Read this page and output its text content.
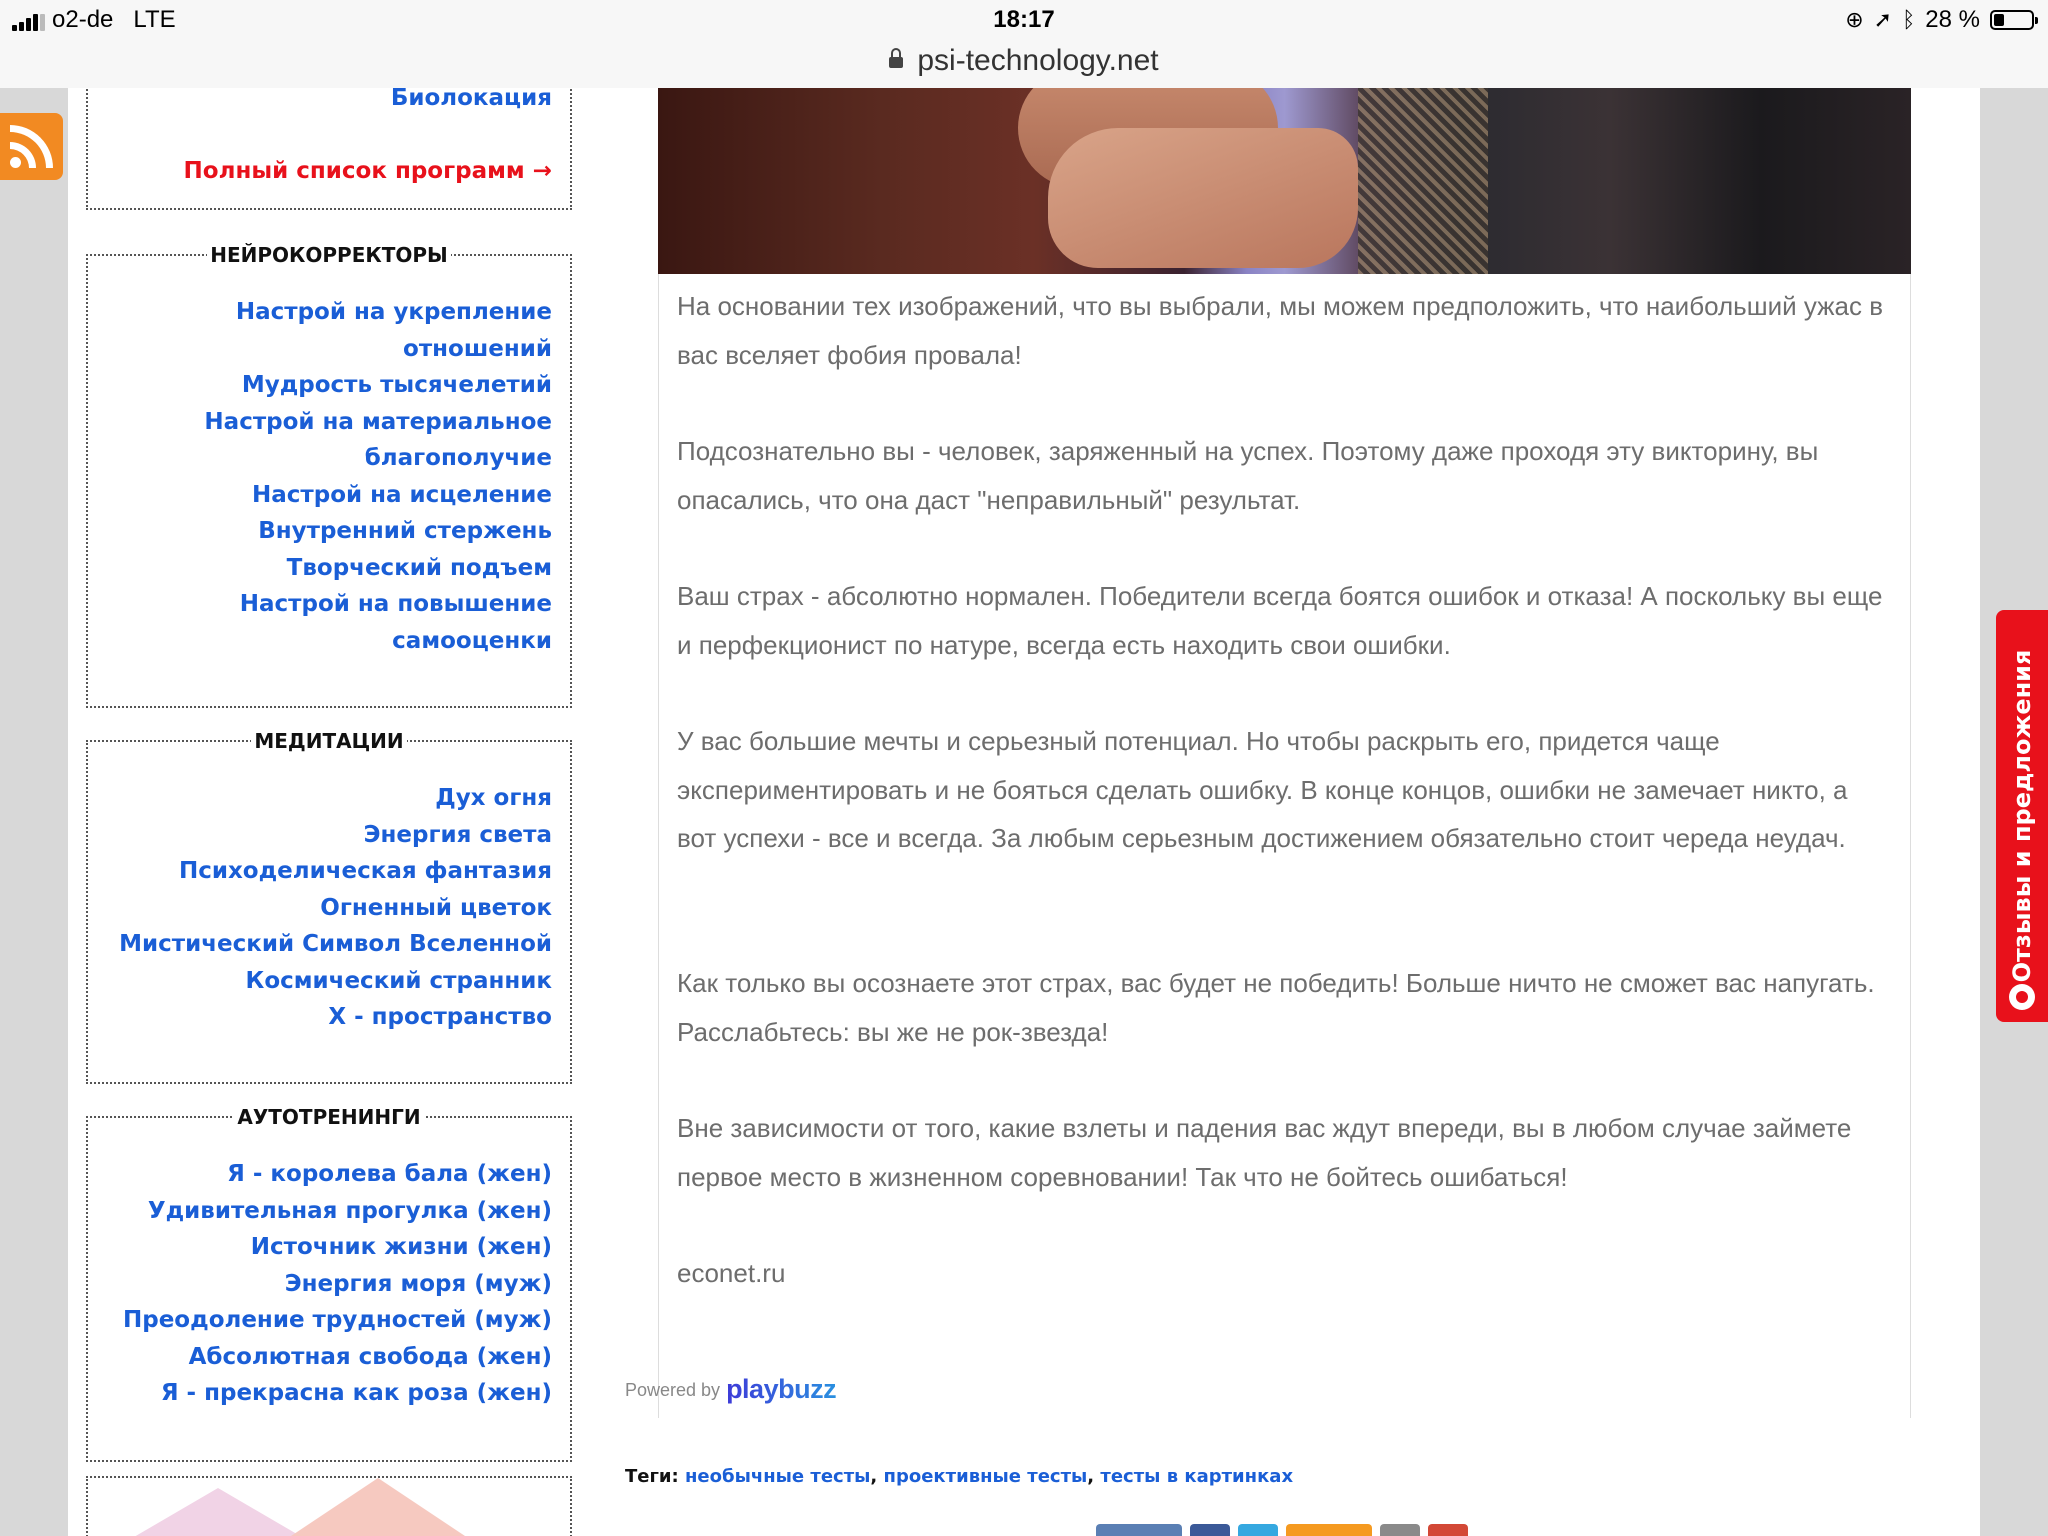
o2-de LTE	18:17	⊕ ➚ ᛒ 28 %
psi-technology.net
Биолокация
Полный список программ →
НЕЙРОКОРРЕКТОРЫ
Настрой на укрепление
отношений
Мудрость тысячелетий
Настрой на материальное
благополучие
Настрой на исцеление
Внутренний стержень
Творческий подъем
Настрой на повышение
самооценки
МЕДИТАЦИИ
Дух огня
Энергия света
Психоделическая фантазия
Огненный цветок
Мистический Символ Вселенной
Космический странник
X - пространство
АУТОТРЕНИНГИ
Я - королева бала (жен)
Удивительная прогулка (жен)
Источник жизни (жен)
Энергия моря (муж)
Преодоление трудностей (муж)
Абсолютная свобода (жен)
Я - прекрасна как роза (жен)

На основании тех изображений, что вы выбрали, мы можем предположить, что наибольший ужас в вас вселяет фобия провала!

Подсознательно вы - человек, заряженный на успех. Поэтому даже проходя эту викторину, вы опасались, что она даст "неправильный" результат.

Ваш страх - абсолютно нормален. Победители всегда боятся ошибок и отказа! А поскольку вы еще и перфекционист по натуре, всегда есть находить свои ошибки.

У вас большие мечты и серьезный потенциал. Но чтобы раскрыть его, придется чаще экспериментировать и не бояться сделать ошибку. В конце концов, ошибки не замечает никто, а вот успехи - все и всегда. За любым серьезным достижением обязательно стоит череда неудач.

Как только вы осознаете этот страх, вас будет не победить! Больше ничто не сможет вас напугать. Расслабьтесь: вы же не рок-звезда!

Вне зависимости от того, какие взлеты и падения вас ждут впереди, вы в любом случае займете первое место в жизненном соревновании! Так что не бойтесь ошибаться!

econet.ru

Powered by playbuzz
Теги: необычные тесты, проективные тесты, тесты в картинках
Отзывы и предложения
